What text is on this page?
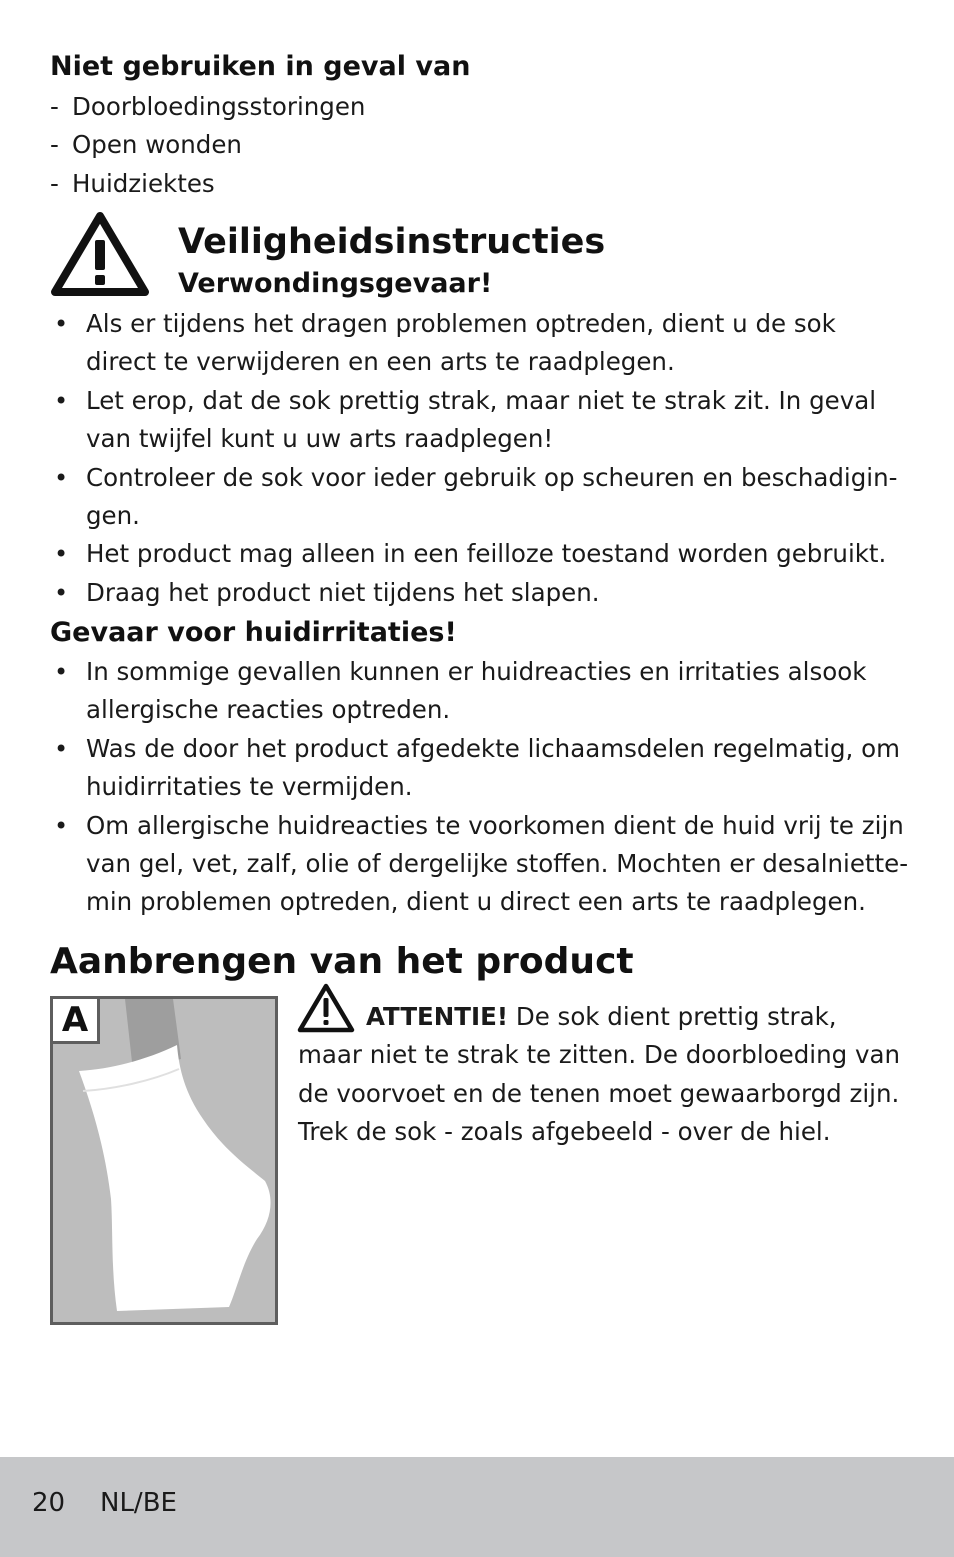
Niet gebruiken in geval van
- Doorbloedingsstoringen
- Open wonden
- Huidziektes
Veiligheidsinstructies
Verwondingsgevaar!
• Als er tijdens het dragen problemen optreden, dient u de sok direct te verwijderen en een arts te raadplegen.
• Let erop, dat de sok prettig strak, maar niet te strak zit. In geval van twijfel kunt u uw arts raadplegen!
• Controleer de sok voor ieder gebruik op scheuren en beschadigingen.
• Het product mag alleen in een feilloze toestand worden gebruikt.
• Draag het product niet tijdens het slapen.
Gevaar voor huidirritaties!
• In sommige gevallen kunnen er huidreacties en irritaties alsook allergische reacties optreden.
• Was de door het product afgedekte lichaamsdelen regelmatig, om huidirritaties te vermijden.
• Om allergische huidreacties te voorkomen dient de huid vrij te zijn van gel, vet, zalf, olie of dergelijke stoffen. Mochten er desalniettemin problemen optreden, dient u direct een arts te raadplegen.
Aanbrengen van het product
A	ATTENTIE! De sok dient prettig strak, maar niet te strak te zitten. De doorbloeding van de voorvoet en de tenen moet gewaarborgd zijn. Trek de sok - zoals afgebeeld - over de hiel.
20 NL/BE
